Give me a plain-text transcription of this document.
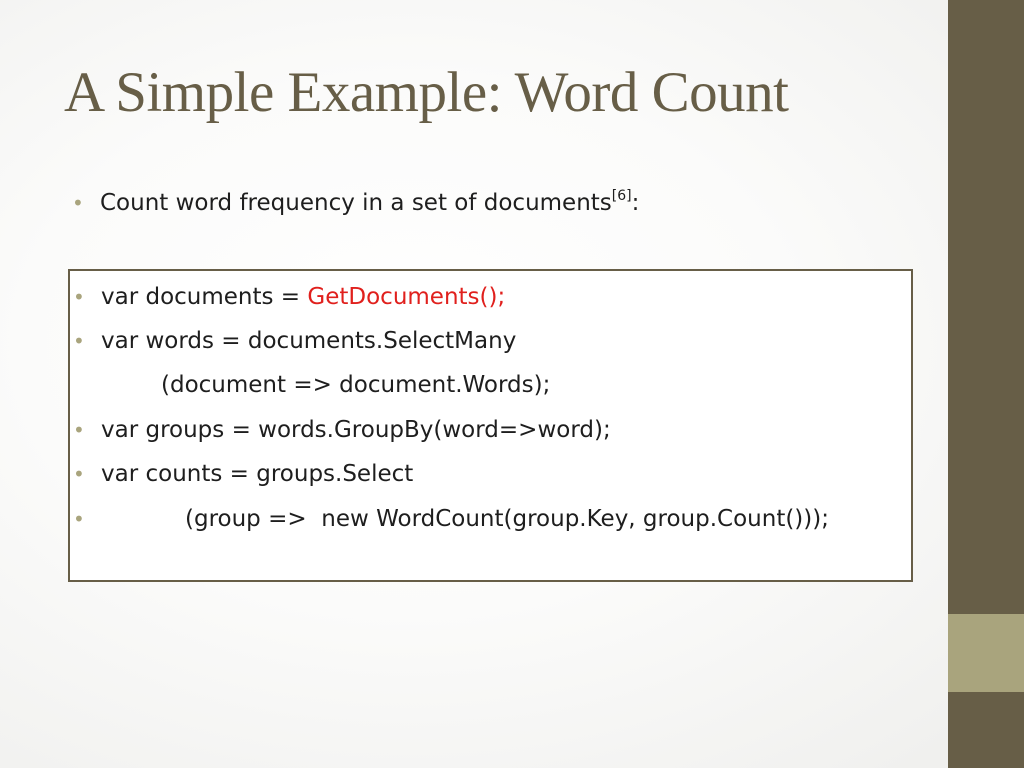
A Simple Example: Word Count
• Count word frequency in a set of documents[6]:
• var documents = GetDocuments();
• var words = documents.SelectMany
(document => document.Words);
• var groups = words.GroupBy(word=>word);
• var counts = groups.Select
•	(group =>  new WordCount(group.Key, group.Count()));
